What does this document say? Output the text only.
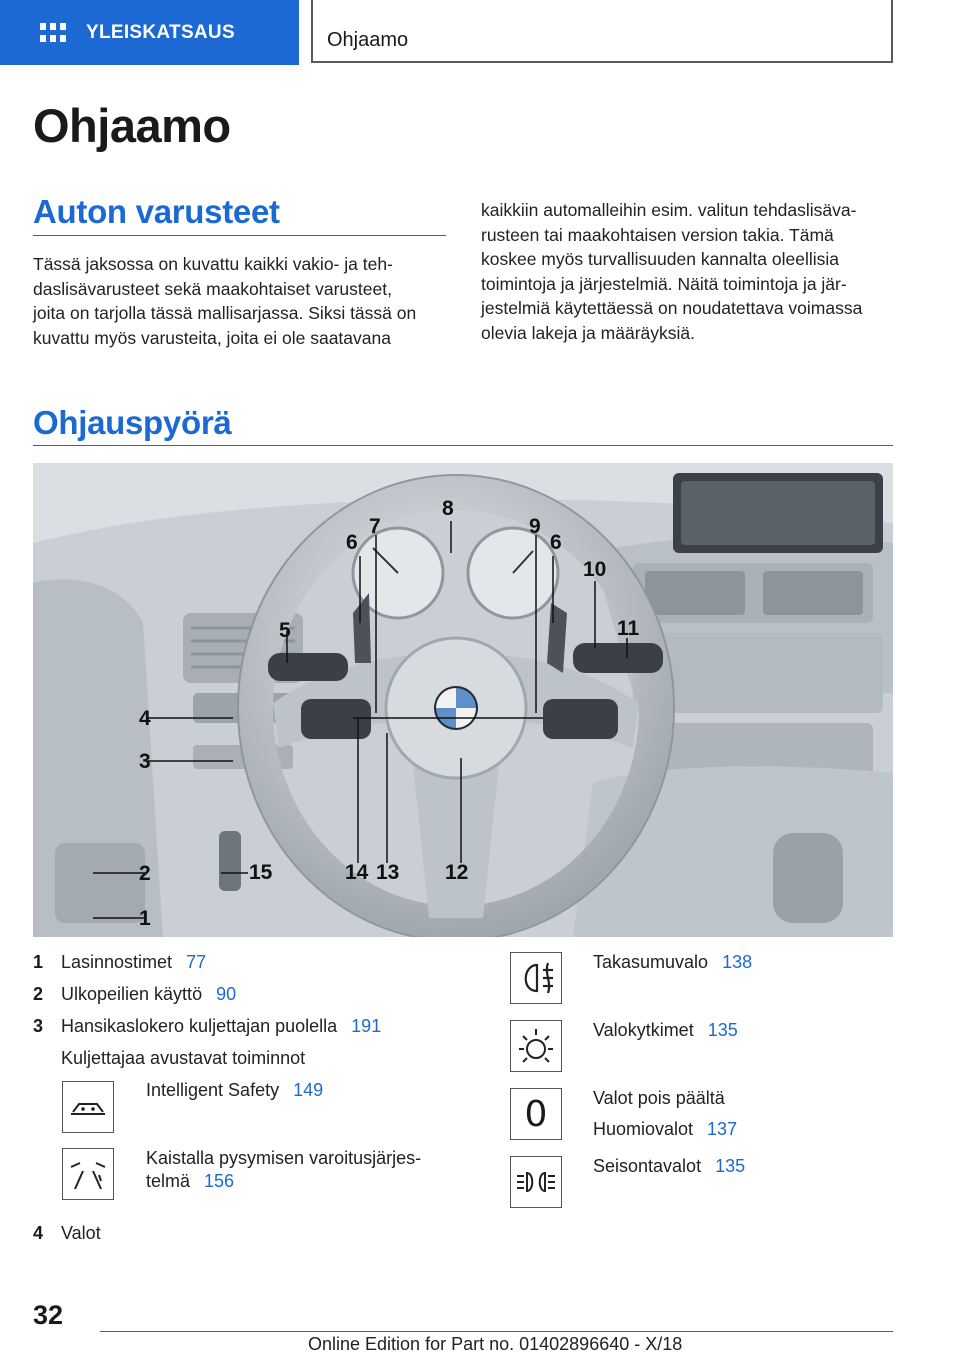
YLEISKATSAUS	Ohjaamo
Ohjaamo
Auton varusteet
Tässä jaksossa on kuvattu kaikki vakio- ja teh-
daslisävarusteet sekä maakohtaiset varusteet,
joita on tarjolla tässä mallisarjassa. Siksi tässä on
kuvattu myös varusteita, joita ei ole saatavana
kaikkiin automalleihin esim. valitun tehdaslisäva-
rusteen tai maakohtaisen version takia. Tämä
koskee myös turvallisuuden kannalta oleellisia
toimintoja ja järjestelmiä. Näitä toimintoja ja jär-
jestelmiä käytettäessä on noudatettava voimassa
olevia lakeja ja määräyksiä.
Ohjauspyörä
1
2
3
4
5
6
7
8
9
6
10
11
12
13
14
15
1 Lasinnostimet 77
2 Ulkopeilien käyttö 90
3 Hansikaslokero kuljettajan puolella 191
Kuljettajaa avustavat toiminnot
Intelligent Safety 149
Kaistalla pysymisen varoitusjärjes-
telmä 156
4 Valot
Takasumuvalo 138
Valokytkimet 135
0	Valot pois päältä
Huomiovalot 137
Seisontavalot 135
32
Online Edition for Part no. 01402896640 - X/18
